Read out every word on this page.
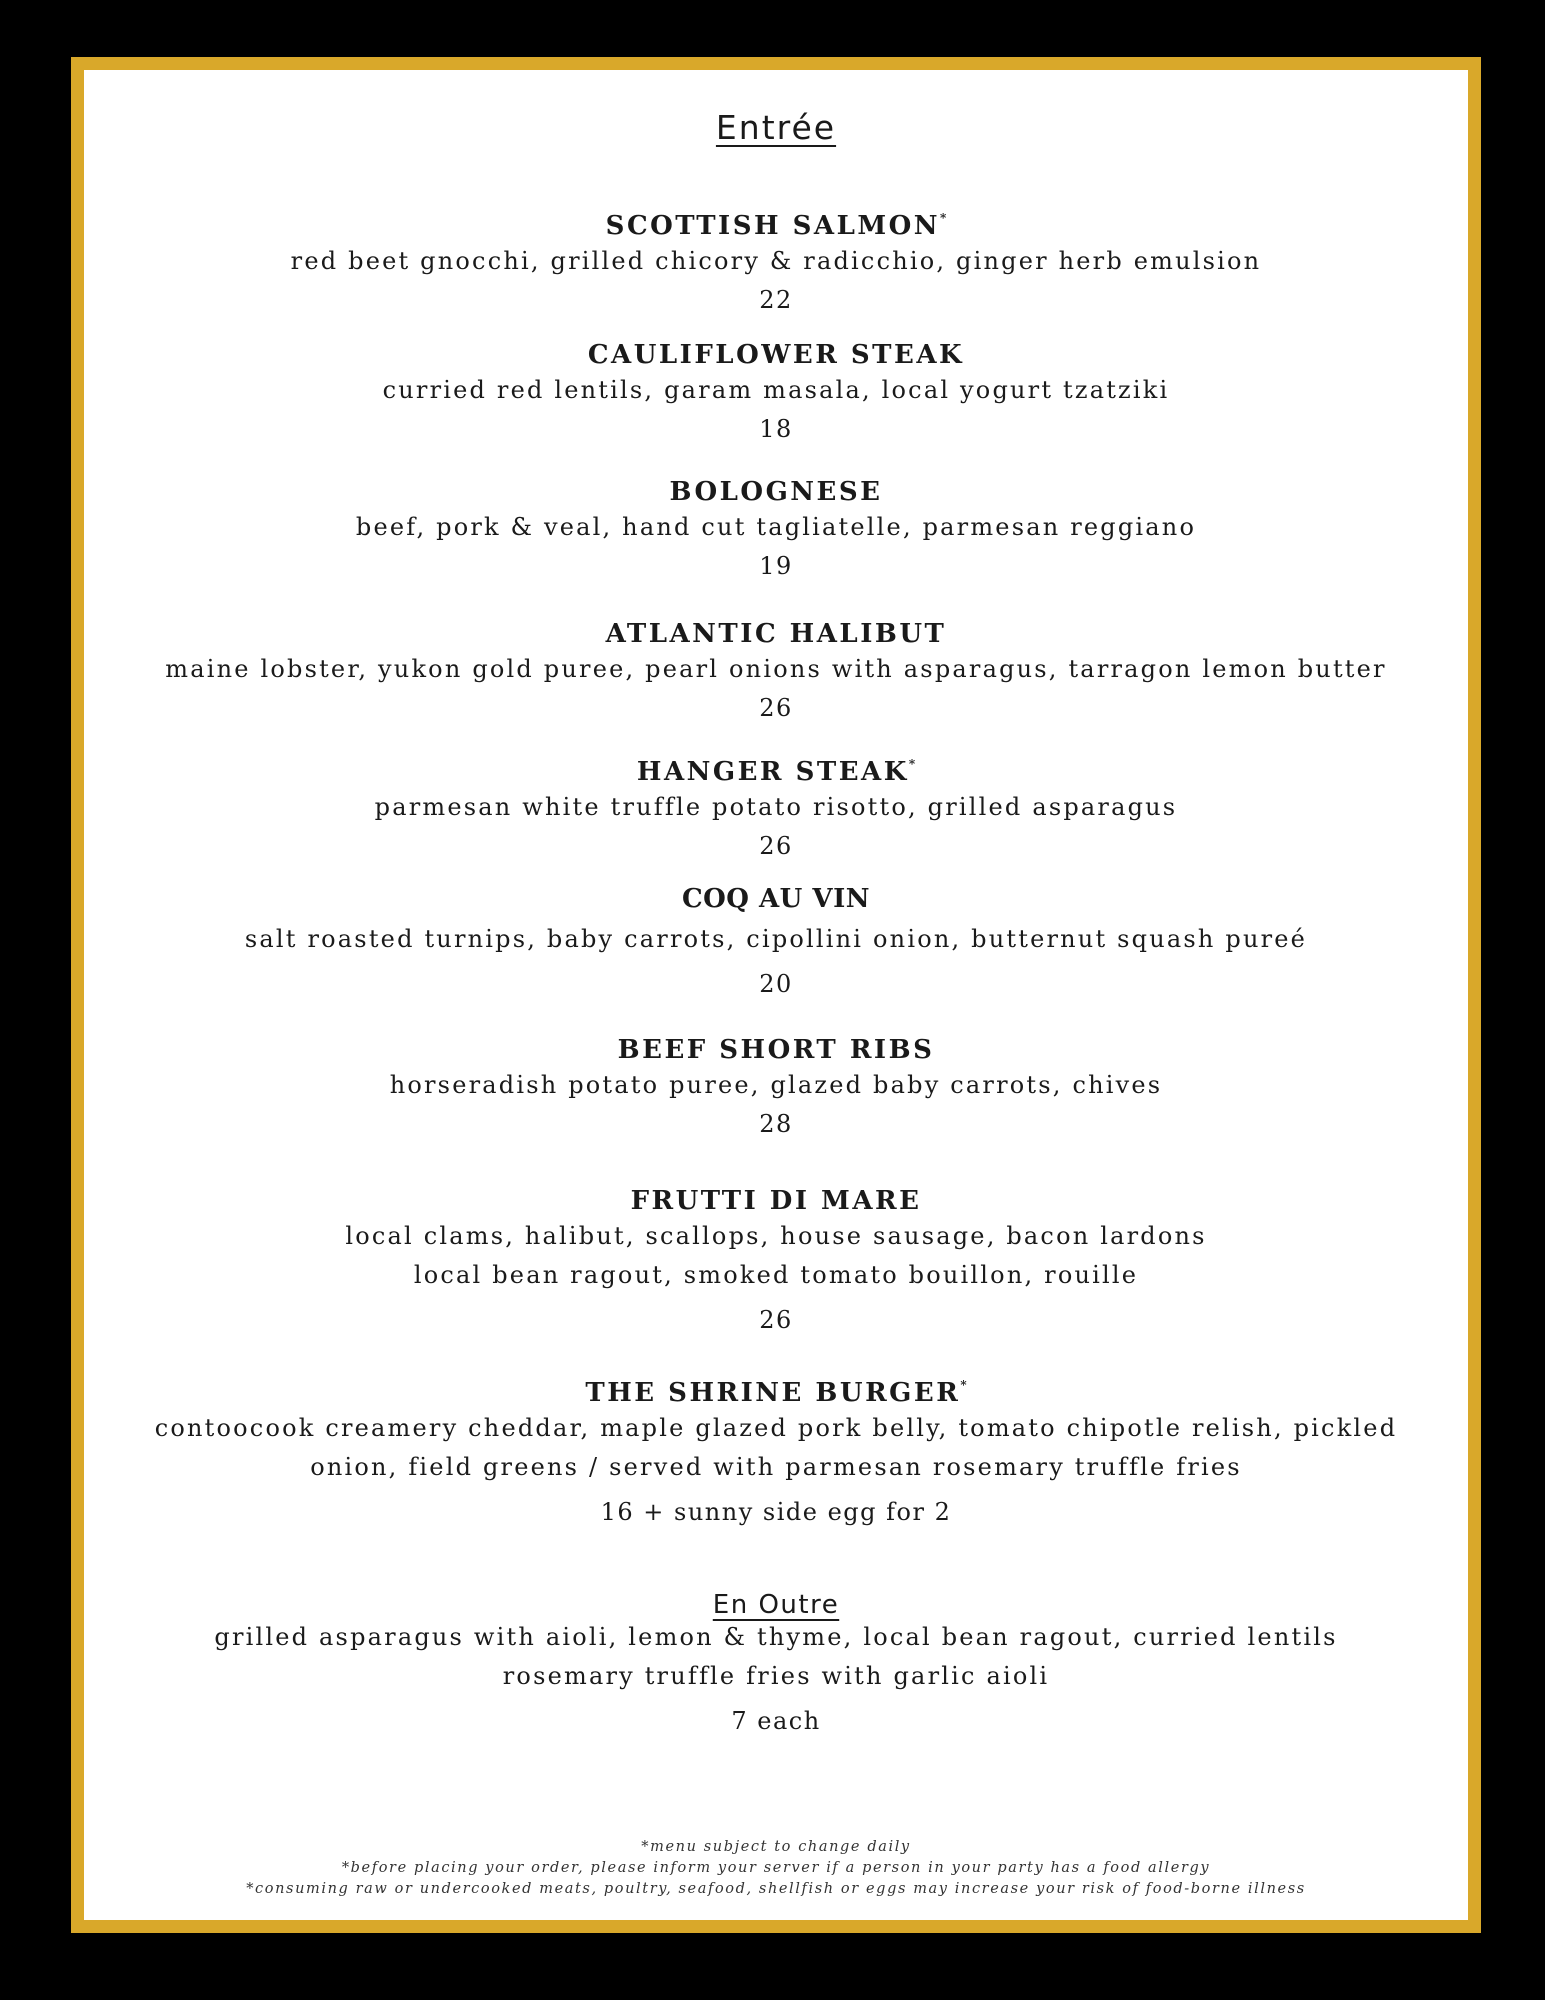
Entrée
SCOTTISH SALMON*
red beet gnocchi, grilled chicory & radicchio, ginger herb emulsion
22
CAULIFLOWER STEAK
curried red lentils, garam masala, local yogurt tzatziki
18
BOLOGNESE
beef, pork & veal, hand cut tagliatelle, parmesan reggiano
19
ATLANTIC HALIBUT
maine lobster, yukon gold puree, pearl onions with asparagus, tarragon lemon butter
26
HANGER STEAK*
parmesan white truffle potato risotto, grilled asparagus
26
COQ AU VIN
salt roasted turnips, baby carrots, cipollini onion, butternut squash pureé
20
BEEF SHORT RIBS
horseradish potato puree, glazed baby carrots, chives
28
FRUTTI DI MARE
local clams, halibut, scallops, house sausage, bacon lardons
local bean ragout, smoked tomato bouillon, rouille
26
THE SHRINE BURGER*
contoocook creamery cheddar, maple glazed pork belly, tomato chipotle relish, pickled
onion, field greens / served with parmesan rosemary truffle fries
16 + sunny side egg for 2
En Outre
grilled asparagus with aioli, lemon & thyme, local bean ragout, curried lentils
rosemary truffle fries with garlic aioli
7 each
*menu subject to change daily
*before placing your order, please inform your server if a person in your party has a food allergy
*consuming raw or undercooked meats, poultry, seafood, shellfish or eggs may increase your risk of food-borne illness
